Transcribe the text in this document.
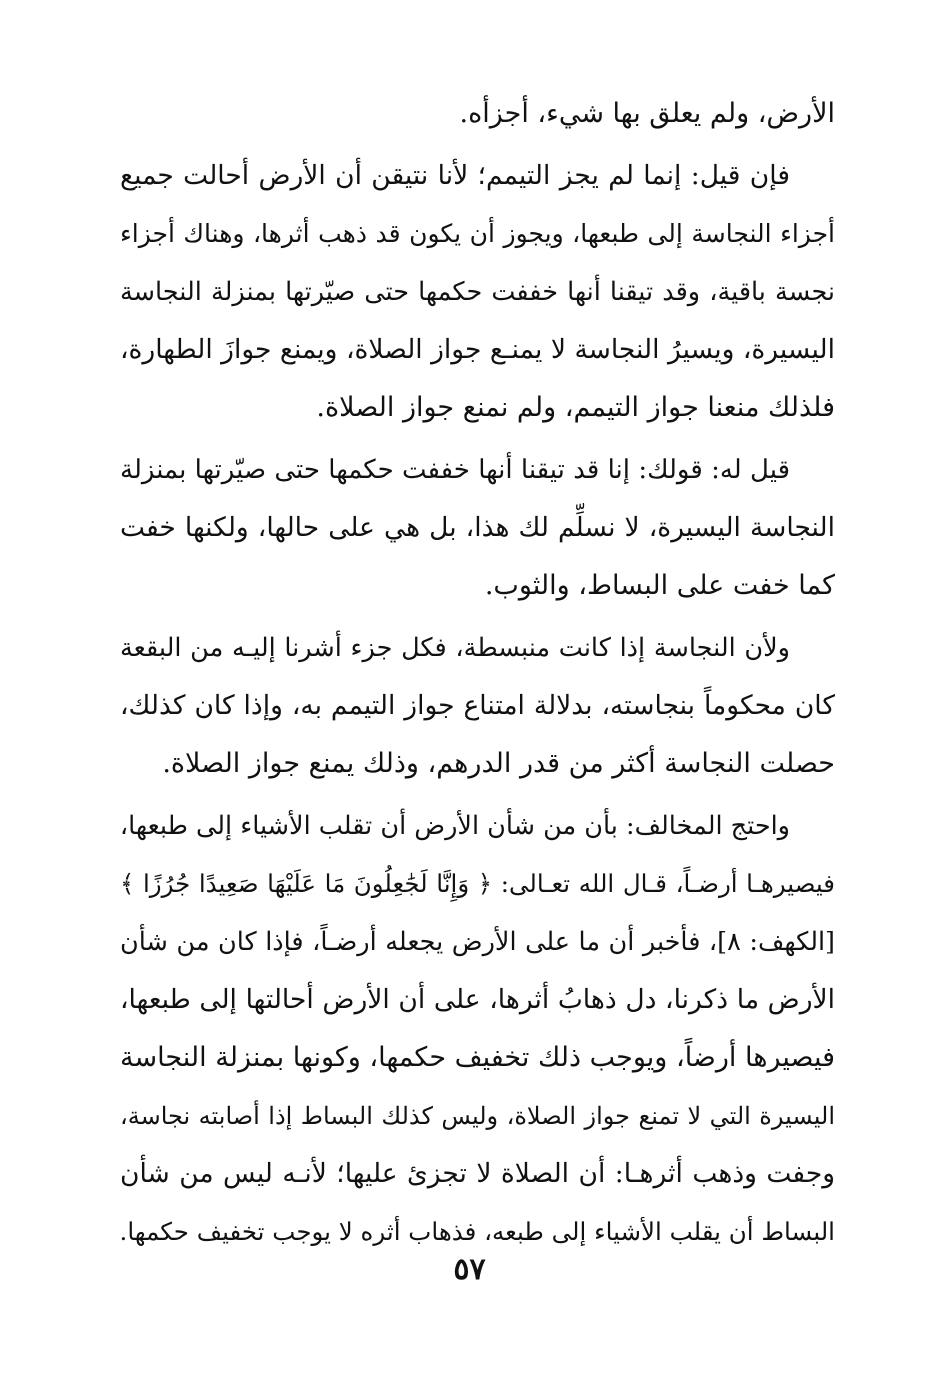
الأرض، ولم يعلق بها شيء، أجزأه.
فإن قيل: إنما لم يجز التيمم؛ لأنا نتيقن أن الأرض أحالت جميع
أجزاء النجاسة إلى طبعها، ويجوز أن يكون قد ذهب أثرها، وهناك أجزاء
نجسة باقية، وقد تيقنا أنها خففت حكمها حتى صيّرتها بمنزلة النجاسة
اليسيرة، ويسيرُ النجاسة لا يمنـع جواز الصلاة، ويمنع جوازَ الطهارة،
فلذلك منعنا جواز التيمم، ولم نمنع جواز الصلاة.
قيل له: قولك: إنا قد تيقنا أنها خففت حكمها حتى صيّرتها بمنزلة
النجاسة اليسيرة، لا نسلِّم لك هذا، بل هي على حالها، ولكنها خفت
كما خفت على البساط، والثوب.
ولأن النجاسة إذا كانت منبسطة، فكل جزء أشرنا إليـه من البقعة
كان محكوماً بنجاسته، بدلالة امتناع جواز التيمم به، وإذا كان كذلك،
حصلت النجاسة أكثر من قدر الدرهم، وذلك يمنع جواز الصلاة.
واحتج المخالف: بأن من شأن الأرض أن تقلب الأشياء إلى طبعها،
فيصيرهـا أرضـاً، قـال الله تعـالى: ﴿ وَإِنَّا لَجَٰعِلُونَ مَا عَلَيْهَا صَعِيدًا جُرُزًا ﴾
[الكهف: ٨]، فأخبر أن ما على الأرض يجعله أرضـاً، فإذا كان من شأن
الأرض ما ذكرنا، دل ذهابُ أثرها، على أن الأرض أحالتها إلى طبعها،
فيصيرها أرضاً، ويوجب ذلك تخفيف حكمها، وكونها بمنزلة النجاسة
اليسيرة التي لا تمنع جواز الصلاة، وليس كذلك البساط إذا أصابته نجاسة،
وجفت وذهب أثرهـا: أن الصلاة لا تجزئ عليها؛ لأنـه ليس من شأن
البساط أن يقلب الأشياء إلى طبعه، فذهاب أثره لا يوجب تخفيف حكمها.
٥٧
